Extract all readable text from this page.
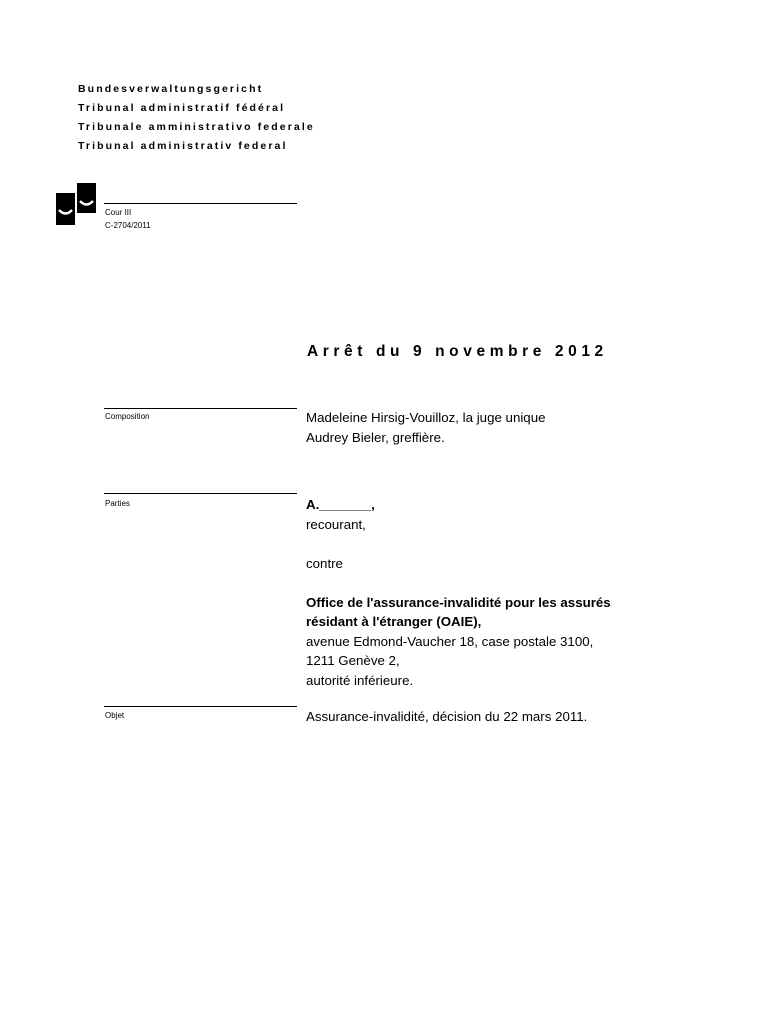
Bundesverwaltungsgericht
Tribunal administratif fédéral
Tribunale amministrativo federale
Tribunal administrativ federal
Cour III
C-2704/2011
Arrêt du 9 novembre 2012
Composition	Madeleine Hirsig-Vouilloz, la juge unique
Audrey Bieler, greffière.
Parties	A._______,
recourant,
contre
Office de l'assurance-invalidité pour les assurés
résidant à l'étranger (OAIE),
avenue Edmond-Vaucher 18, case postale 3100,
1211 Genève 2,
autorité inférieure.
Objet	Assurance-invalidité, décision du 22 mars 2011.
